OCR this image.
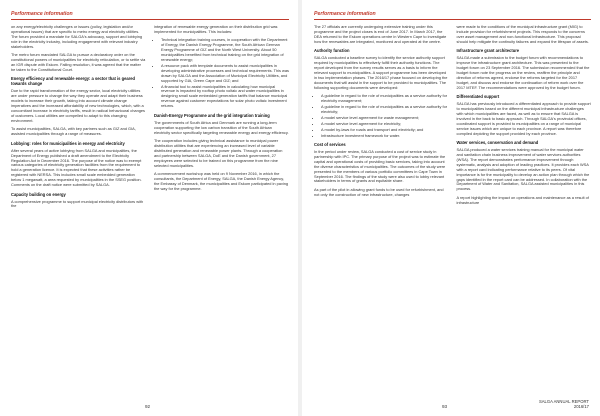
Performance information

on any energy/electricity challenges or issues (policy, legislation and/or operational issues) that are specific to metro energy and electricity utilities. The forum provided a mandate for SALGA's advocacy, support and lobbying role in the electricity industry, including engagement with relevant industry stakeholders.

The metro forum mandated SALGA to pursue a declaratory order on the constitutional powers of municipalities for electricity reticulation, or to settle via an IGR dispute with Eskom. Failing resolution, it was agreed that the matter be taken to the Constitutional Court.

Energy efficiency and renewable energy: a sector that is geared towards change

Due to the rapid transformation of the energy sector, local electricity utilities are under pressure to change the way they operate and adapt their business models to increase their growth, taking into account climate change imperatives and the increased affordability of new technologies, which, with a concomitant increase in electricity tariffs, result in radical behavioural changes of customers. Local utilities are compelled to adapt to this changing environment.

To assist municipalities, SALGA, with key partners such as GIZ and GIA, assisted municipalities through a range of measures.

Lobbying: roles for municipalities in energy and electricity

After several years of active lobbying from SALGA and municipalities, the Department of Energy published a draft amendment to the Electricity Regulation Act in December 2016. The purpose of the notice was to exempt various categories of electricity generation facilities from the requirement to hold a generation licence. It is expected that these activities rather be registered with NERSA. This includes small scale embedded generation below 1 megawatt, a area requested by municipalities in the SSEG position. Comments on the draft notice were submitted by SALGA.

Capacity building on energy

A comprehensive programme to support municipal electricity distributors with the

integration of renewable energy generation on their distribution grid was implemented for municipalities. This includes:

• Technical integration training courses, in cooperation with the Department of Energy, the Danish Energy Programme, the South African German Energy Programme of GIZ and the North West University. About 50 municipalities benefited from technical training on the grid integration of renewable energy;
• A resource pack with template documents to assist municipalities in developing administrative processes and technical requirements. This was drawn by SALGA and the Association of Municipal Electricity Utilities, and supported by GIA, Green Cape and GIZ; and
• A financial tool to assist municipalities in calculating how municipal revenue is impacted by rooftop photo voltaic and water municipalities in designing small scale embedded generation tariffs that balance municipal revenue against customer expectations for solar photo voltaic investment returns.
Danish-Energy Programme and the grid integration training

The governments of South Africa and Denmark are running a long-term cooperation supporting the low carbon transition of the South African electricity sector specifically targeting renewable energy and energy efficiency.

The cooperation includes giving technical assistance to municipal power distribution utilities that are experiencing an increased level of variable distributed generation and renewable power plants. Through a cooperation and partnership between SALGA, DoE and the Danish government, 27 employees were selected to be trained on this programme from the nine selected municipalities.

A commencement workshop was held on 9 November 2016, in which the consultants, the Department of Energy, SALGA, the Danish Energy Agency, the Embassy of Denmark, the municipalities and Eskom participated in paving the way for the programme.

92
Performance information

The 27 officials are currently undergoing extensive training under this programme and the project closes is end of June 2017. In March 2017, the DEA returned to the Eskom operations centre in Western Cape to investigate how the renewables are integrated, monitored and operated at the centre.

Authority function

SALGA conducted a baseline survey to identify the service authority support required by municipalities to effectively fulfill their authority functions. The report developed from the survey results serves as a basis to inform the relevant support to municipalities. A support programme has been developed in two implementation phases. The 2016/17 phase focused on developing the documents that will assist in the support to be provided to municipalities. The following supporting documents were developed:

• A guideline in regard to the role of municipalities as a service authority for electricity management;
• A guideline in regard to the role of municipalities as a service authority for electricity;
• A model service level agreement for waste management;
• A model service level agreement for electricity;
• A model by-laws for roads and transport and electricity; and
• Infrastructure investment framework for water.
Cost of services

In the period under review, SALGA conducted a cost of service study in partnership with IPC. The primary purpose of the project was to estimate the capital and operational costs of providing basic services, taking into account the diverse characteristics of municipalities. The outcomes of the study were presented to the members of various portfolio committees in Cape Town in September 2016. The findings of the study were also used to lobby relevant stakeholders in terms of grants and equitable share.

As part of the pilot in allowing grant funds to be used for refurbishment, and not only the construction of new infrastructure, changes

were made to the conditions of the municipal infrastructure grant (MIG) to include provision for refurbishment projects. This responds to the concerns over asset management and non-functional infrastructure. This proposal should help mitigate the continuity failures and expand the lifespan of assets.

Infrastructure grant architecture

SALGA made a submission to the budget forum with recommendations to improve the infrastructure grant architecture. This was presented to the budget forum on 23 September 2016. The submission recommended that the budget forum note the progress on the review, reaffirm the principle and direction of reforms agreed, endorse the reforms targeted for the 2017 budget, and discuss and endorse the continuation of reform work over the 2017 MTEF. The recommendations were approved by the budget forum.

Differentiated support

SALGA has previously introduced a differentiated approach to provide support to municipalities based on the different municipal infrastructure challenges with which municipalities are faced, as well as to ensure that SALGA is involved in the back to basic approach. Through SALGA's provincial offices, coordinated support is provided to municipalities on a range of municipal service issues which are unique to each province. A report was therefore compiled depicting the support provided by each province.

Water services, conservation and demand

SALGA produced a water services training manual for the municipal water and sanitation chain business improvement of water services authorities (WSA). The report demonstrates performance improvement through systematic, analysis and adoption of leading practices. It provides each WSA with a report card indicating performance relative to its peers. Of vital importance is for the municipality to develop an action plan through which the gaps identified in the report card can be addressed. In collaboration with the Department of Water and Sanitation, SALGA assisted municipalities in this process.

A report highlighting the impact on operations and maintenance as a result of infrastructure

93
SALGA ANNUAL REPORT
2016/17
